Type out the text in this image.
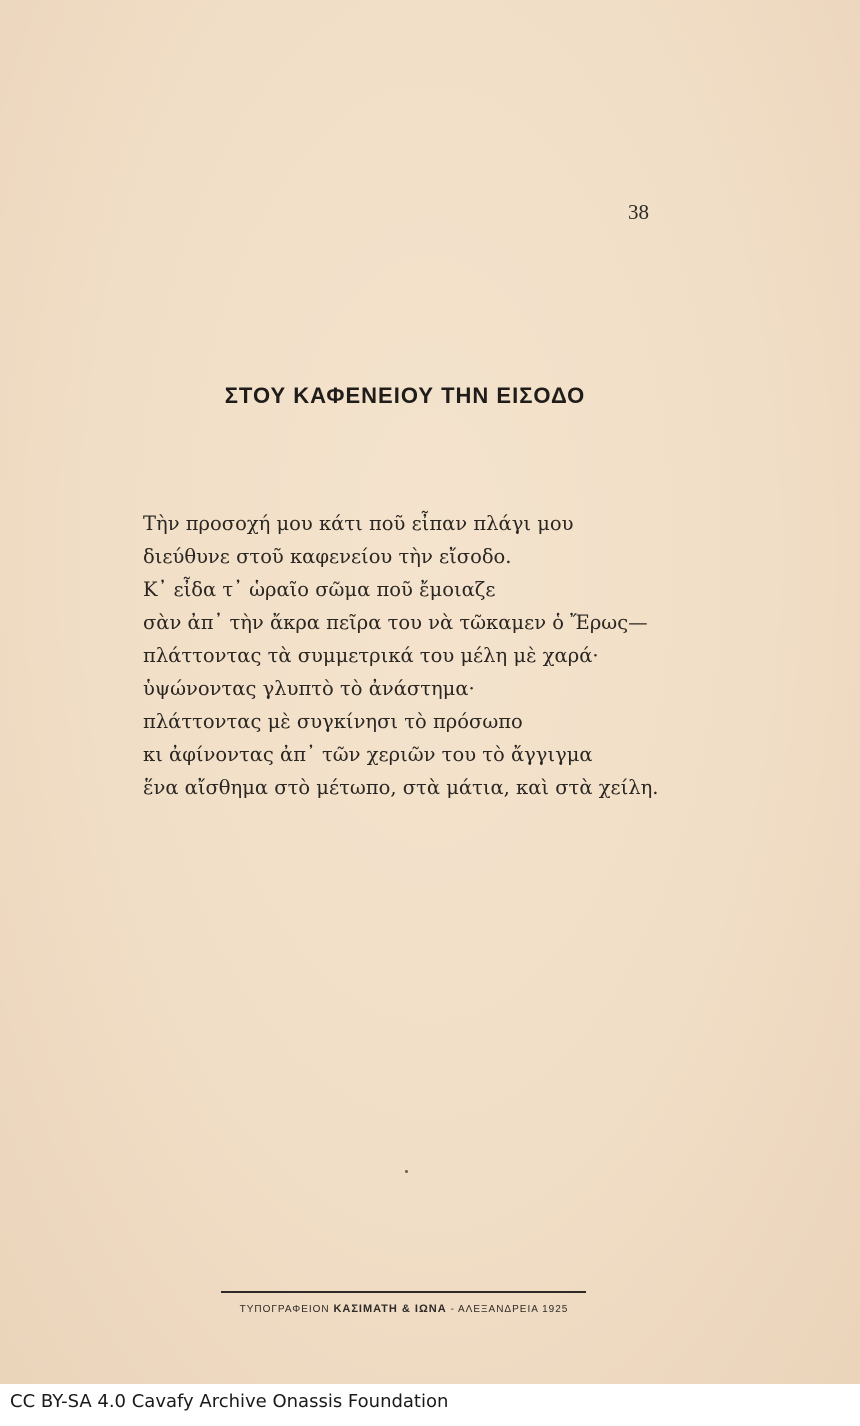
38
ΣΤΟΥ ΚΑΦΕΝΕΙΟΥ ΤΗΝ ΕΙΣΟΔΟ
Τὴν προσοχή μου κάτι ποῦ εἶπαν πλάγι μου
διεύθυνε στοῦ καφενείου τὴν εἴσοδο.
Κ᾽ εἶδα τ᾽ ὡραῖο σῶμα ποῦ ἔμοιαζε
σὰν ἀπ᾽ τὴν ἄκρα πεῖρα του νὰ τῶκαμεν ὁ Ἔρως—
πλάττοντας τὰ συμμετρικά του μέλη μὲ χαρά·
ὑψώνοντας γλυπτὸ τὸ ἀνάστημα·
πλάττοντας μὲ συγκίνησι τὸ πρόσωπο
κι ἀφίνοντας ἀπ᾽ τῶν χεριῶν του τὸ ἄγγιγμα
ἕνα αἴσθημα στὸ μέτωπο, στὰ μάτια, καὶ στὰ χείλη.
ΤΥΠΟΓΡΑΦΕΙΟΝ ΚΑΣΙΜΑΤΗ & ΙΩΝΑ - ΑΛΕΞΑΝΔΡΕΙΑ 1925
CC BY-SA 4.0 Cavafy Archive Onassis Foundation
